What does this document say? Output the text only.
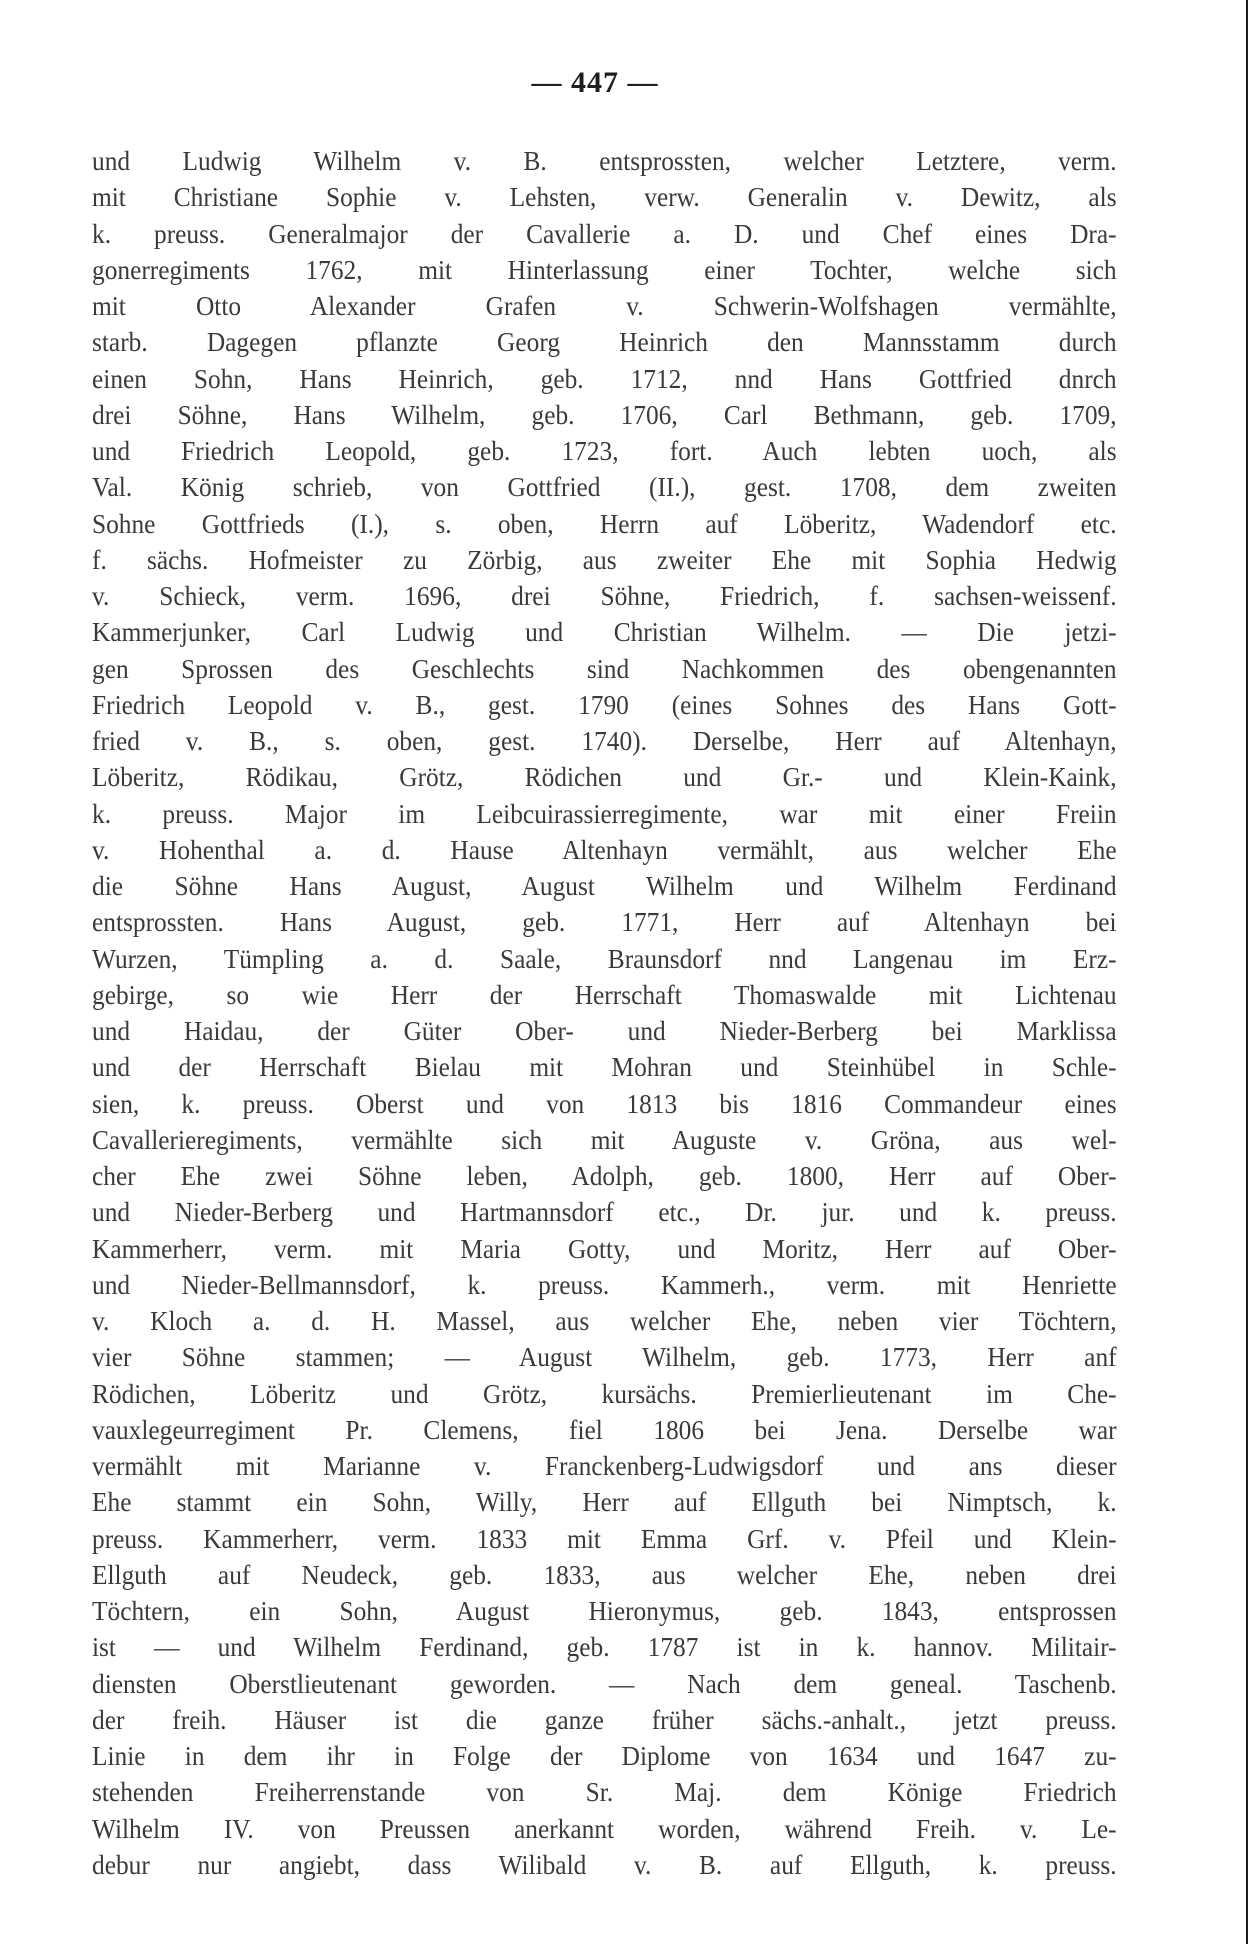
— 447 —
und Ludwig Wilhelm v. B. entsprossten, welcher Letztere, verm.
mit Christiane Sophie v. Lehsten, verw. Generalin v. Dewitz, als
k. preuss. Generalmajor der Cavallerie a. D. und Chef eines Dra-
gonerregiments 1762, mit Hinterlassung einer Tochter, welche sich
mit Otto Alexander Grafen v. Schwerin-Wolfshagen vermählte,
starb. Dagegen pflanzte Georg Heinrich den Mannsstamm durch
einen Sohn, Hans Heinrich, geb. 1712, nnd Hans Gottfried dnrch
drei Söhne, Hans Wilhelm, geb. 1706, Carl Bethmann, geb. 1709,
und Friedrich Leopold, geb. 1723, fort. Auch lebten uoch, als
Val. König schrieb, von Gottfried (II.), gest. 1708, dem zweiten
Sohne Gottfrieds (I.), s. oben, Herrn auf Löberitz, Wadendorf etc.
f. sächs. Hofmeister zu Zörbig, aus zweiter Ehe mit Sophia Hedwig
v. Schieck, verm. 1696, drei Söhne, Friedrich, f. sachsen-weissenf.
Kammerjunker, Carl Ludwig und Christian Wilhelm. — Die jetzi-
gen Sprossen des Geschlechts sind Nachkommen des obengenannten
Friedrich Leopold v. B., gest. 1790 (eines Sohnes des Hans Gott-
fried v. B., s. oben, gest. 1740). Derselbe, Herr auf Altenhayn,
Löberitz, Rödikau, Grötz, Rödichen und Gr.- und Klein-Kaink,
k. preuss. Major im Leibcuirassierregimente, war mit einer Freiin
v. Hohenthal a. d. Hause Altenhayn vermählt, aus welcher Ehe
die Söhne Hans August, August Wilhelm und Wilhelm Ferdinand
entsprossten. Hans August, geb. 1771, Herr auf Altenhayn bei
Wurzen, Tümpling a. d. Saale, Braunsdorf nnd Langenau im Erz-
gebirge, so wie Herr der Herrschaft Thomaswalde mit Lichtenau
und Haidau, der Güter Ober- und Nieder-Berberg bei Marklissa
und der Herrschaft Bielau mit Mohran und Steinhübel in Schle-
sien, k. preuss. Oberst und von 1813 bis 1816 Commandeur eines
Cavallerieregiments, vermählte sich mit Auguste v. Gröna, aus wel-
cher Ehe zwei Söhne leben, Adolph, geb. 1800, Herr auf Ober-
und Nieder-Berberg und Hartmannsdorf etc., Dr. jur. und k. preuss.
Kammerherr, verm. mit Maria Gotty, und Moritz, Herr auf Ober-
und Nieder-Bellmannsdorf, k. preuss. Kammerh., verm. mit Henriette
v. Kloch a. d. H. Massel, aus welcher Ehe, neben vier Töchtern,
vier Söhne stammen; — August Wilhelm, geb. 1773, Herr anf
Rödichen, Löberitz und Grötz, kursächs. Premierlieutenant im Che-
vauxlegeurregiment Pr. Clemens, fiel 1806 bei Jena. Derselbe war
vermählt mit Marianne v. Franckenberg-Ludwigsdorf und ans dieser
Ehe stammt ein Sohn, Willy, Herr auf Ellguth bei Nimptsch, k.
preuss. Kammerherr, verm. 1833 mit Emma Grf. v. Pfeil und Klein-
Ellguth auf Neudeck, geb. 1833, aus welcher Ehe, neben drei
Töchtern, ein Sohn, August Hieronymus, geb. 1843, entsprossen
ist — und Wilhelm Ferdinand, geb. 1787 ist in k. hannov. Militair-
diensten Oberstlieutenant geworden. — Nach dem geneal. Taschenb.
der freih. Häuser ist die ganze früher sächs.-anhalt., jetzt preuss.
Linie in dem ihr in Folge der Diplome von 1634 und 1647 zu-
stehenden Freiherrenstande von Sr. Maj. dem Könige Friedrich
Wilhelm IV. von Preussen anerkannt worden, während Freih. v. Le-
debur nur angiebt, dass Wilibald v. B. auf Ellguth, k. preuss.
